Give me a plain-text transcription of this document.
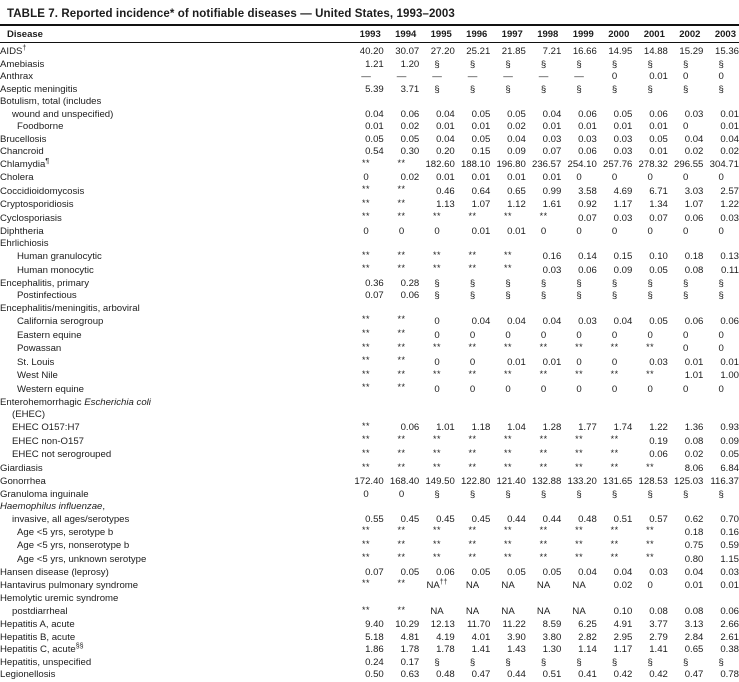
TABLE 7. Reported incidence* of notifiable diseases — United States, 1993–2003
Disease	1993	1994	1995	1996	1997	1998	1999	2000	2001	2002	2003
AIDS†	40.20	30.07	27.20	25.21	21.85	7.21	16.66	14.95	14.88	15.29	15.36
Amebiasis	1.21	1.20	§	§	§	§	§	§	§	§	§
Anthrax	—	—	—	—	—	—	—	0	0.01	0	0
Aseptic meningitis	5.39	3.71	§	§	§	§	§	§	§	§	§
Botulism, total (includes											
wound and unspecified)	0.04	0.06	0.04	0.05	0.05	0.04	0.06	0.05	0.06	0.03	0.01
Foodborne	0.01	0.02	0.01	0.01	0.02	0.01	0.01	0.01	0.01	0	0.01
Brucellosis	0.05	0.05	0.04	0.05	0.04	0.03	0.03	0.03	0.05	0.04	0.04
Chancroid	0.54	0.30	0.20	0.15	0.09	0.07	0.06	0.03	0.01	0.02	0.02
Chlamydia¶	**	**	182.60	188.10	196.80	236.57	254.10	257.76	278.32	296.55	304.71
Cholera	0	0.02	0.01	0.01	0.01	0.01	0	0	0	0	0
Coccidioidomycosis	**	**	0.46	0.64	0.65	0.99	3.58	4.69	6.71	3.03	2.57
Cryptosporidiosis	**	**	1.13	1.07	1.12	1.61	0.92	1.17	1.34	1.07	1.22
Cyclosporiasis	**	**	**	**	**	**	0.07	0.03	0.07	0.06	0.03
Diphtheria	0	0	0	0.01	0.01	0	0	0	0	0	0
Ehrlichiosis											
Human granulocytic	**	**	**	**	**	0.16	0.14	0.15	0.10	0.18	0.13
Human monocytic	**	**	**	**	**	0.03	0.06	0.09	0.05	0.08	0.11
Encephalitis, primary	0.36	0.28	§	§	§	§	§	§	§	§	§
Postinfectious	0.07	0.06	§	§	§	§	§	§	§	§	§
Encephalitis/meningitis, arboviral											
California serogroup	**	**	0	0.04	0.04	0.04	0.03	0.04	0.05	0.06	0.06
Eastern equine	**	**	0	0	0	0	0	0	0	0	0
Powassan	**	**	**	**	**	**	**	**	**	0	0
St. Louis	**	**	0	0	0.01	0.01	0	0	0.03	0.01	0.01
West Nile	**	**	**	**	**	**	**	**	**	1.01	1.00
Western equine	**	**	0	0	0	0	0	0	0	0	0
Enterohemorrhagic Escherichia coli											
(EHEC)											
EHEC O157:H7	**	0.06	1.01	1.18	1.04	1.28	1.77	1.74	1.22	1.36	0.93
EHEC non-O157	**	**	**	**	**	**	**	**	0.19	0.08	0.09
EHEC not serogrouped	**	**	**	**	**	**	**	**	0.06	0.02	0.05
Giardiasis	**	**	**	**	**	**	**	**	**	8.06	6.84
Gonorrhea	172.40	168.40	149.50	122.80	121.40	132.88	133.20	131.65	128.53	125.03	116.37
Granuloma inguinale	0	0	§	§	§	§	§	§	§	§	§
Haemophilus influenzae,											
invasive, all ages/serotypes	0.55	0.45	0.45	0.45	0.44	0.44	0.48	0.51	0.57	0.62	0.70
Age <5 yrs, serotype b	**	**	**	**	**	**	**	**	**	0.18	0.16
Age <5 yrs, nonserotype b	**	**	**	**	**	**	**	**	**	0.75	0.59
Age <5 yrs, unknown serotype	**	**	**	**	**	**	**	**	**	0.80	1.15
Hansen disease (leprosy)	0.07	0.05	0.06	0.05	0.05	0.05	0.04	0.04	0.03	0.04	0.03
Hantavirus pulmonary syndrome	**	**	NA††	NA	NA	NA	NA	0.02	0	0.01	0.01
Hemolytic uremic syndrome											
postdiarrheal	**	**	NA	NA	NA	NA	NA	0.10	0.08	0.08	0.06
Hepatitis A, acute	9.40	10.29	12.13	11.70	11.22	8.59	6.25	4.91	3.77	3.13	2.66
Hepatitis B, acute	5.18	4.81	4.19	4.01	3.90	3.80	2.82	2.95	2.79	2.84	2.61
Hepatitis C, acute§§	1.86	1.78	1.78	1.41	1.43	1.30	1.14	1.17	1.41	0.65	0.38
Hepatitis, unspecified	0.24	0.17	§	§	§	§	§	§	§	§	§
Legionellosis	0.50	0.63	0.48	0.47	0.44	0.51	0.41	0.42	0.42	0.47	0.78
